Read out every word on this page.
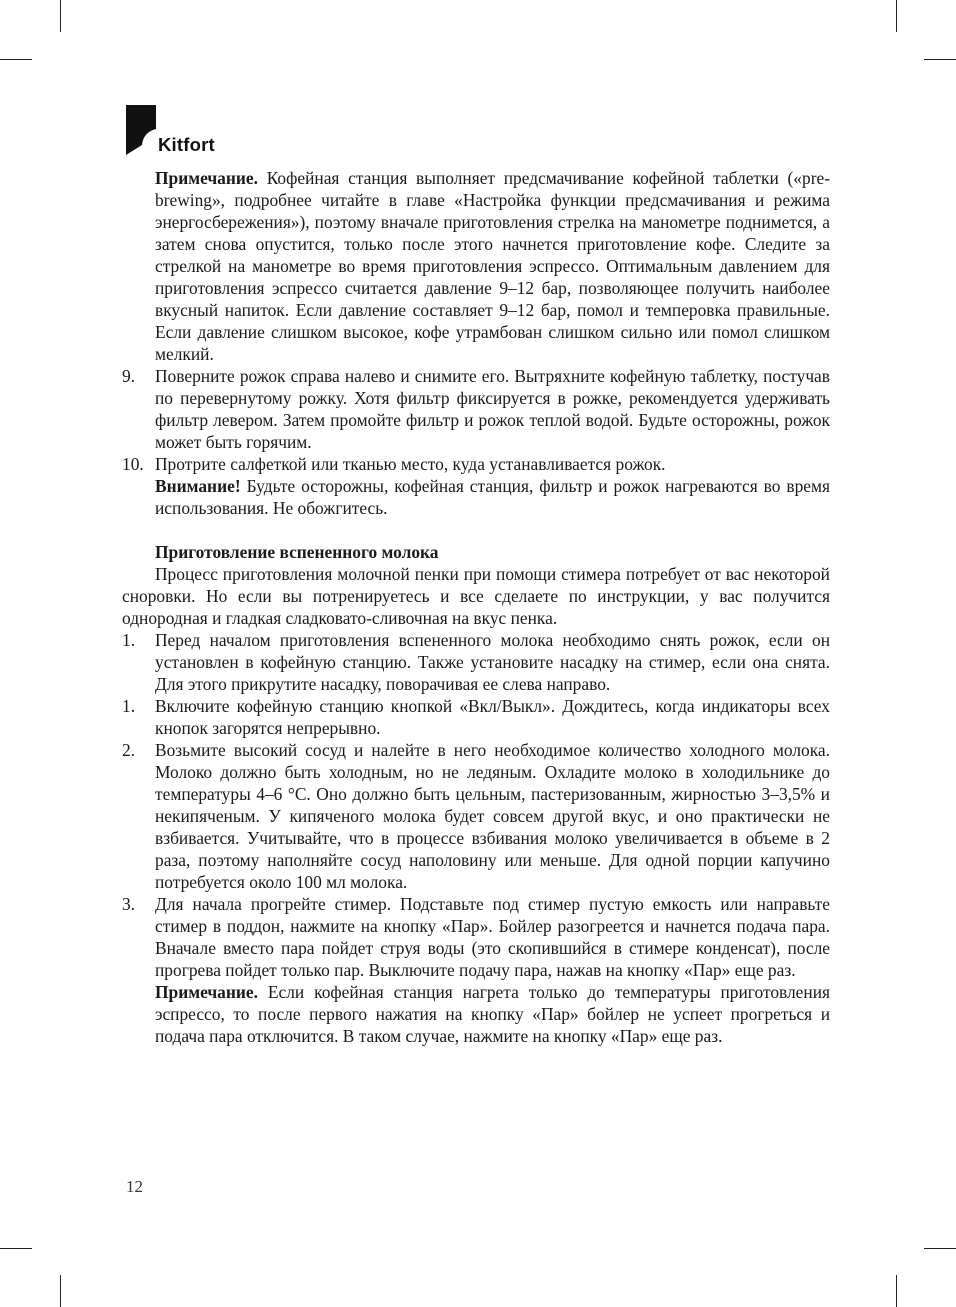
Kitfort

Примечание. Кофейная станция выполняет предсмачивание кофейной таблетки («pre-brewing», подробнее читайте в главе «Настройка функции предсмачивания и режима энергосбережения»), поэтому вначале приготовления стрелка на манометре поднимется, а затем снова опустится, только после этого начнется приготовление кофе. Следите за стрелкой на манометре во время приготовления эспрессо. Оптимальным давлением для приготовления эспрессо считается давление 9–12 бар, позволяющее получить наиболее вкусный напиток. Если давление составляет 9–12 бар, помол и темперовка правильные. Если давление слишком высокое, кофе утрамбован слишком сильно или помол слишком мелкий.

9. Поверните рожок справа налево и снимите его. Вытряхните кофейную таблетку, постучав по перевернутому рожку. Хотя фильтр фиксируется в рожке, рекомендуется удерживать фильтр левером. Затем промойте фильтр и рожок теплой водой. Будьте осторожны, рожок может быть горячим.
10. Протрите салфеткой или тканью место, куда устанавливается рожок.

Внимание! Будьте осторожны, кофейная станция, фильтр и рожок нагреваются во время использования. Не обожгитесь.

Приготовление вспененного молока

Процесс приготовления молочной пенки при помощи стимера потребует от вас некоторой сноровки. Но если вы потренируетесь и все сделаете по инструкции, у вас получится однородная и гладкая сладковато-сливочная на вкус пенка.

1. Перед началом приготовления вспененного молока необходимо снять рожок, если он установлен в кофейную станцию. Также установите насадку на стимер, если она снята. Для этого прикрутите насадку, поворачивая ее слева направо.
1. Включите кофейную станцию кнопкой «Вкл/Выкл». Дождитесь, когда индикаторы всех кнопок загорятся непрерывно.
2. Возьмите высокий сосуд и налейте в него необходимое количество холодного молока. Молоко должно быть холодным, но не ледяным. Охладите молоко в холодильнике до температуры 4–6 °С. Оно должно быть цельным, пастеризованным, жирностью 3–3,5% и некипяченым. У кипяченого молока будет совсем другой вкус, и оно практически не взбивается. Учитывайте, что в процессе взбивания молоко увеличивается в объеме в 2 раза, поэтому наполняйте сосуд наполовину или меньше. Для одной порции капучино потребуется около 100 мл молока.
3. Для начала прогрейте стимер. Подставьте под стимер пустую емкость или направьте стимер в поддон, нажмите на кнопку «Пар». Бойлер разогреется и начнется подача пара. Вначале вместо пара пойдет струя воды (это скопившийся в стимере конденсат), после прогрева пойдет только пар. Выключите подачу пара, нажав на кнопку «Пар» еще раз.

Примечание. Если кофейная станция нагрета только до температуры приготовления эспрессо, то после первого нажатия на кнопку «Пар» бойлер не успеет прогреться и подача пара отключится. В таком случае, нажмите на кнопку «Пар» еще раз.

12
